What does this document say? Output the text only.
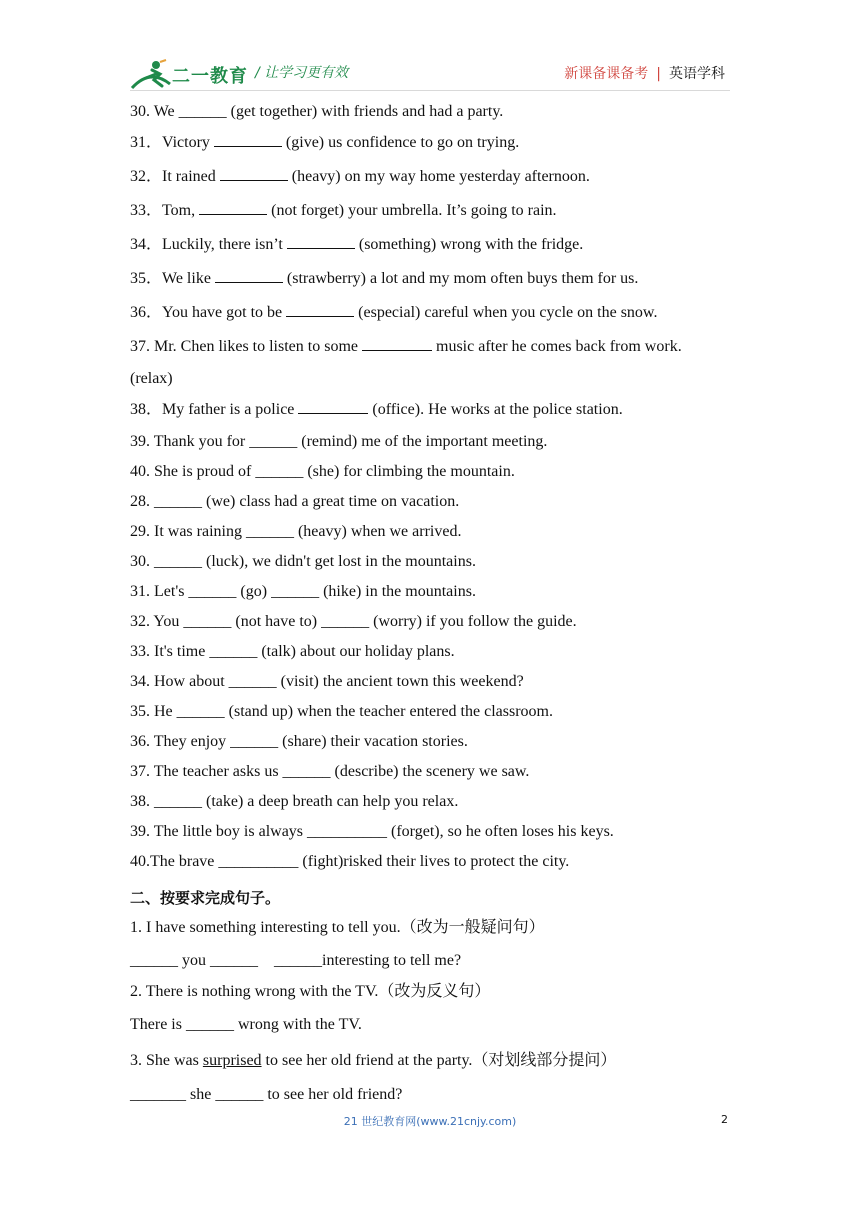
二一教育 / 让学习更有效	新课备课备考 | 英语学科
30. We ______ (get together) with friends and had a party.
31．Victory	(give) us confidence to go on trying.
32．It rained	(heavy) on my way home yesterday afternoon.
33．Tom,	(not forget) your umbrella. It’s going to rain.
34．Luckily, there isn’t	(something) wrong with the fridge.
35．We like	(strawberry) a lot and my mom often buys them for us.
36．You have got to be	(especial) careful when you cycle on the snow.
37. Mr. Chen likes to listen to some	music after he comes back from work.
(relax)
38．My father is a police	(office). He works at the police station.
39. Thank you for ______ (remind) me of the important meeting.
40. She is proud of ______ (she) for climbing the mountain.
28. ______ (we) class had a great time on vacation.
29. It was raining ______ (heavy) when we arrived.
30. ______ (luck), we didn't get lost in the mountains.
31. Let's ______ (go) ______ (hike) in the mountains.
32. You ______ (not have to) ______ (worry) if you follow the guide.
33. It's time ______ (talk) about our holiday plans.
34. How about ______ (visit) the ancient town this weekend?
35. He ______ (stand up) when the teacher entered the classroom.
36. They enjoy ______ (share) their vacation stories.
37. The teacher asks us ______ (describe) the scenery we saw.
38. ______ (take) a deep breath can help you relax.
39. The little boy is always __________ (forget), so he often loses his keys.
40.The brave __________ (fight)risked their lives to protect the city.
二、按要求完成句子。
1. I have something interesting to tell you.（改为一般疑问句）
______ you ______    ______interesting to tell me?
2. There is nothing wrong with the TV.（改为反义句）
There is ______ wrong with the TV.
3. She was surprised to see her old friend at the party.（对划线部分提问）
_______ she ______ to see her old friend?
21 世纪教育网(www.21cnjy.com)	2
